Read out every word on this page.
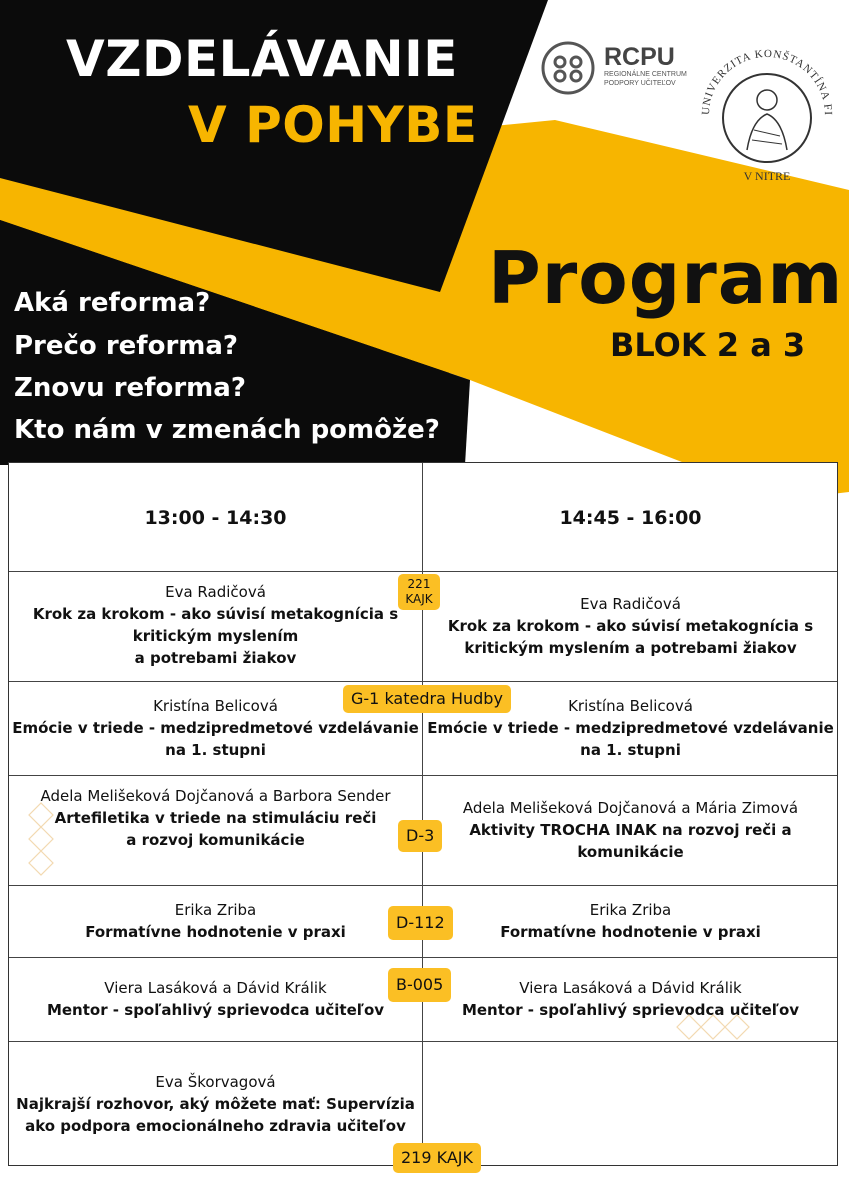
VZDELÁVANIE
V POHYBE
RCPU
REGIONÁLNE CENTRUM
PODPORY UČITEĽOV
UNIVERZITA KONŠTANTÍNA FI
V NITRE
Program
BLOK 2 a 3
Aká reforma?
Prečo reforma?
Znovu reforma?
Kto nám v zmenách pomôže?
13:00 - 14:30	14:45 - 16:00
Eva Radičová
Krok za krokom - ako súvisí metakognícia s
kritickým myslením
a potrebami žiakov
Eva Radičová
Krok za krokom - ako súvisí metakognícia s
kritickým myslením a potrebami žiakov
Kristína Belicová
Emócie v triede - medzipredmetové vzdelávanie
na 1. stupni
Kristína Belicová
Emócie v triede - medzipredmetové vzdelávanie
na 1. stupni
Adela Melišeková Dojčanová a Barbora Sender
Artefiletika v triede na stimuláciu reči
a rozvoj komunikácie
Adela Melišeková Dojčanová a Mária Zimová
Aktivity TROCHA INAK na rozvoj reči a
komunikácie
Erika Zriba
Formatívne hodnotenie v praxi
Erika Zriba
Formatívne hodnotenie v praxi
Viera Lasáková a Dávid Králik
Mentor - spoľahlivý sprievodca učiteľov
Viera Lasáková a Dávid Králik
Mentor - spoľahlivý sprievodca učiteľov
Eva Škorvagová
Najkrajší rozhovor, aký môžete mať: Supervízia
ako podpora emocionálneho zdravia učiteľov
221
KAJK
G-1 katedra Hudby
D-3
D-112
B-005
219 KAJK
